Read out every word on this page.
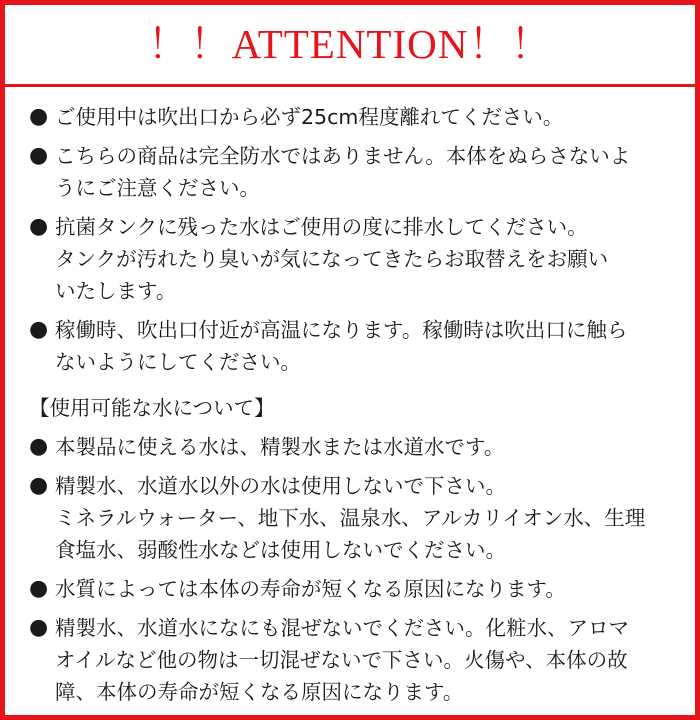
！！ATTENTION！！
● ご使用中は吹出口から必ず25cm程度離れてください。
● こちらの商品は完全防水ではありません。本体をぬらさないよ
うにご注意ください。
● 抗菌タンクに残った水はご使用の度に排水してください。
タンクが汚れたり臭いが気になってきたらお取替えをお願い
いたします。
● 稼働時、吹出口付近が高温になります。稼働時は吹出口に触ら
ないようにしてください。
【使用可能な水について】
● 本製品に使える水は、精製水または水道水です。
● 精製水、水道水以外の水は使用しないで下さい。
ミネラルウォーター、地下水、温泉水、アルカリイオン水、生理
食塩水、弱酸性水などは使用しないでください。
● 水質によっては本体の寿命が短くなる原因になります。
● 精製水、水道水になにも混ぜないでください。化粧水、アロマ
オイルなど他の物は一切混ぜないで下さい。火傷や、本体の故
障、本体の寿命が短くなる原因になります。
